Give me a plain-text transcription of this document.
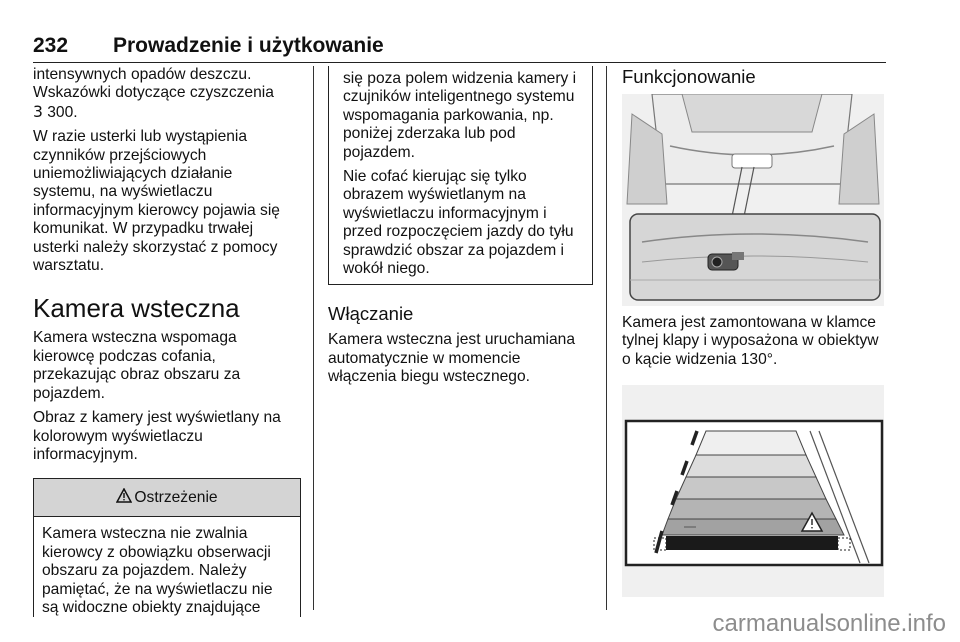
232 Prowadzenie i użytkowanie

intensywnych opadów deszczu.
Wskazówki dotyczące czyszczenia
3 300.

W razie usterki lub wystąpienia
czynników przejściowych
uniemożliwiających działanie
systemu, na wyświetlaczu
informacyjnym kierowcy pojawia się
komunikat. W przypadku trwałej
usterki należy skorzystać z pomocy
warsztatu.

Kamera wsteczna

Kamera wsteczna wspomaga
kierowcę podczas cofania,
przekazując obraz obszaru za
pojazdem.

Obraz z kamery jest wyświetlany na
kolorowym wyświetlaczu
informacyjnym.

Ostrzeżenie
Kamera wsteczna nie zwalnia
kierowcy z obowiązku obserwacji
obszaru za pojazdem. Należy
pamiętać, że na wyświetlaczu nie
są widoczne obiekty znajdujące

się poza polem widzenia kamery i
czujników inteligentnego systemu
wspomagania parkowania, np.
poniżej zderzaka lub pod
pojazdem.

Nie cofać kierując się tylko
obrazem wyświetlanym na
wyświetlaczu informacyjnym i
przed rozpoczęciem jazdy do tyłu
sprawdzić obszar za pojazdem i
wokół niego.

Włączanie

Kamera wsteczna jest uruchamiana
automatycznie w momencie
włączenia biegu wstecznego.

Funkcjonowanie

Kamera jest zamontowana w klamce
tylnej klapy i wyposażona w obiektyw
o kącie widzenia 130°.

carmanualsonline.info
